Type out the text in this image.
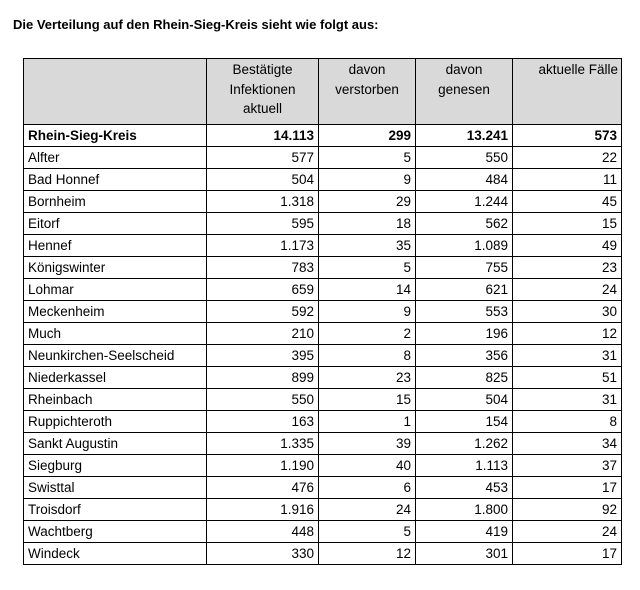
Die Verteilung auf den Rhein-Sieg-Kreis sieht wie folgt aus:
	Bestätigte Infektionen aktuell	davon verstorben	davon genesen	aktuelle Fälle
Rhein-Sieg-Kreis	14.113	299	13.241	573
Alfter	577	5	550	22
Bad Honnef	504	9	484	11
Bornheim	1.318	29	1.244	45
Eitorf	595	18	562	15
Hennef	1.173	35	1.089	49
Königswinter	783	5	755	23
Lohmar	659	14	621	24
Meckenheim	592	9	553	30
Much	210	2	196	12
Neunkirchen-Seelscheid	395	8	356	31
Niederkassel	899	23	825	51
Rheinbach	550	15	504	31
Ruppichteroth	163	1	154	8
Sankt Augustin	1.335	39	1.262	34
Siegburg	1.190	40	1.113	37
Swisttal	476	6	453	17
Troisdorf	1.916	24	1.800	92
Wachtberg	448	5	419	24
Windeck	330	12	301	17
